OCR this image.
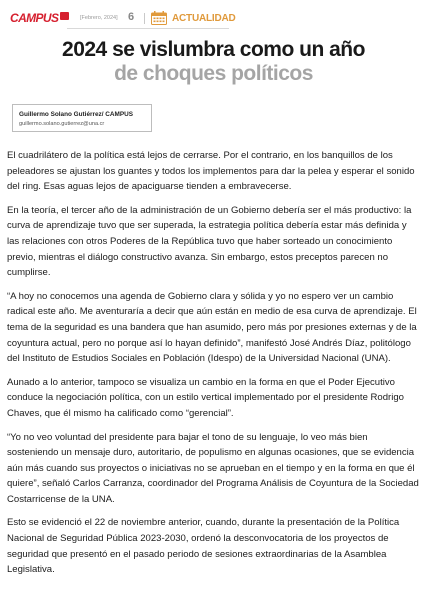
CAMPUS	[Febrero, 2024] 6	ACTUALIDAD
2024 se vislumbra como un año
de choques políticos
Guillermo Solano Gutiérrez/ CAMPUS
guillermo.solano.gutierrez@una.cr

El cuadrilátero de la política está lejos de cerrarse. Por el contrario, en los banquillos de los peleadores se ajustan los guantes y todos los implementos para dar la pelea y esperar el sonido del ring. Esas aguas lejos de apaciguarse tienden a embravecerse.

En la teoría, el tercer año de la administración de un Gobierno debería ser el más productivo: la curva de aprendizaje tuvo que ser superada, la estrategia política debería estar más definida y las relaciones con otros Poderes de la República tuvo que haber sorteado un conocimiento previo, mientras el diálogo constructivo avanza. Sin embargo, estos preceptos parecen no cumplirse.

“A hoy no conocemos una agenda de Gobierno clara y sólida y yo no espero ver un cambio radical este año. Me aventuraría a decir que aún están en medio de esa curva de aprendizaje. El tema de la seguridad es una bandera que han asumido, pero más por presiones externas y de la coyuntura actual, pero no porque así lo hayan definido”, manifestó José Andrés Díaz, politólogo del Instituto de Estudios Sociales en Población (Idespo) de la Universidad Nacional (UNA).

Aunado a lo anterior, tampoco se visualiza un cambio en la forma en que el Poder Ejecutivo conduce la negociación política, con un estilo vertical implementado por el presidente Rodrigo Chaves, que él mismo ha calificado como “gerencial”.

“Yo no veo voluntad del presidente para bajar el tono de su lenguaje, lo veo más bien sosteniendo un mensaje duro, autoritario, de populismo en algunas ocasiones, que se evidencia aún más cuando sus proyectos o iniciativas no se aprueban en el tiempo y en la forma en que él quiere”, señaló Carlos Carranza, coordinador del Programa Análisis de Coyuntura de la Sociedad Costarricense de la UNA.

Esto se evidenció el 22 de noviembre anterior, cuando, durante la presentación de la Política Nacional de Seguridad Pública 2023-2030, ordenó la desconvocatoria de los proyectos de seguridad que presentó en el pasado periodo de sesiones extraordinarias de la Asamblea Legislativa.
